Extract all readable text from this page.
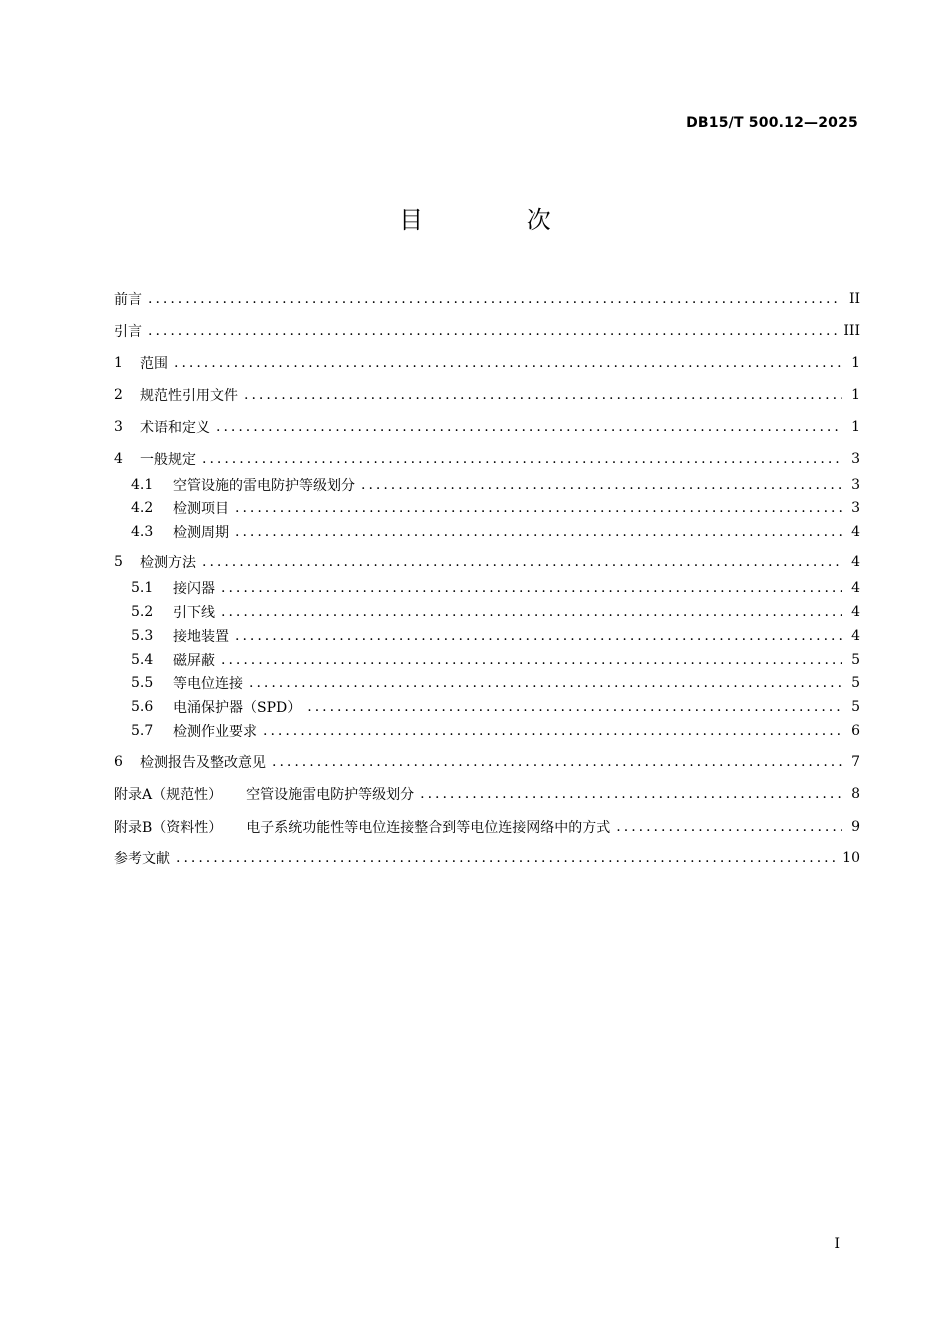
DB15/T 500.12—2025
目 次
前言 .....	II
引言 .....	III
1	范围 .....	1
2	规范性引用文件 .....	1
3	术语和定义 .....	1
4	一般规定 .....	3
4.1	空管设施的雷电防护等级划分 .....	3
4.2	检测项目 .....	3
4.3	检测周期 .....	4
5	检测方法 .....	4
5.1	接闪器 .....	4
5.2	引下线 .....	4
5.3	接地装置 .....	4
5.4	磁屏蔽 .....	5
5.5	等电位连接 .....	5
5.6	电涌保护器（SPD） .....	5
5.7	检测作业要求 .....	6
6	检测报告及整改意见 .....	7
附录A（规范性） 空管设施雷电防护等级划分 .....	8
附录B（资料性） 电子系统功能性等电位连接整合到等电位连接网络中的方式 .....	9
参考文献 .....	10
I
